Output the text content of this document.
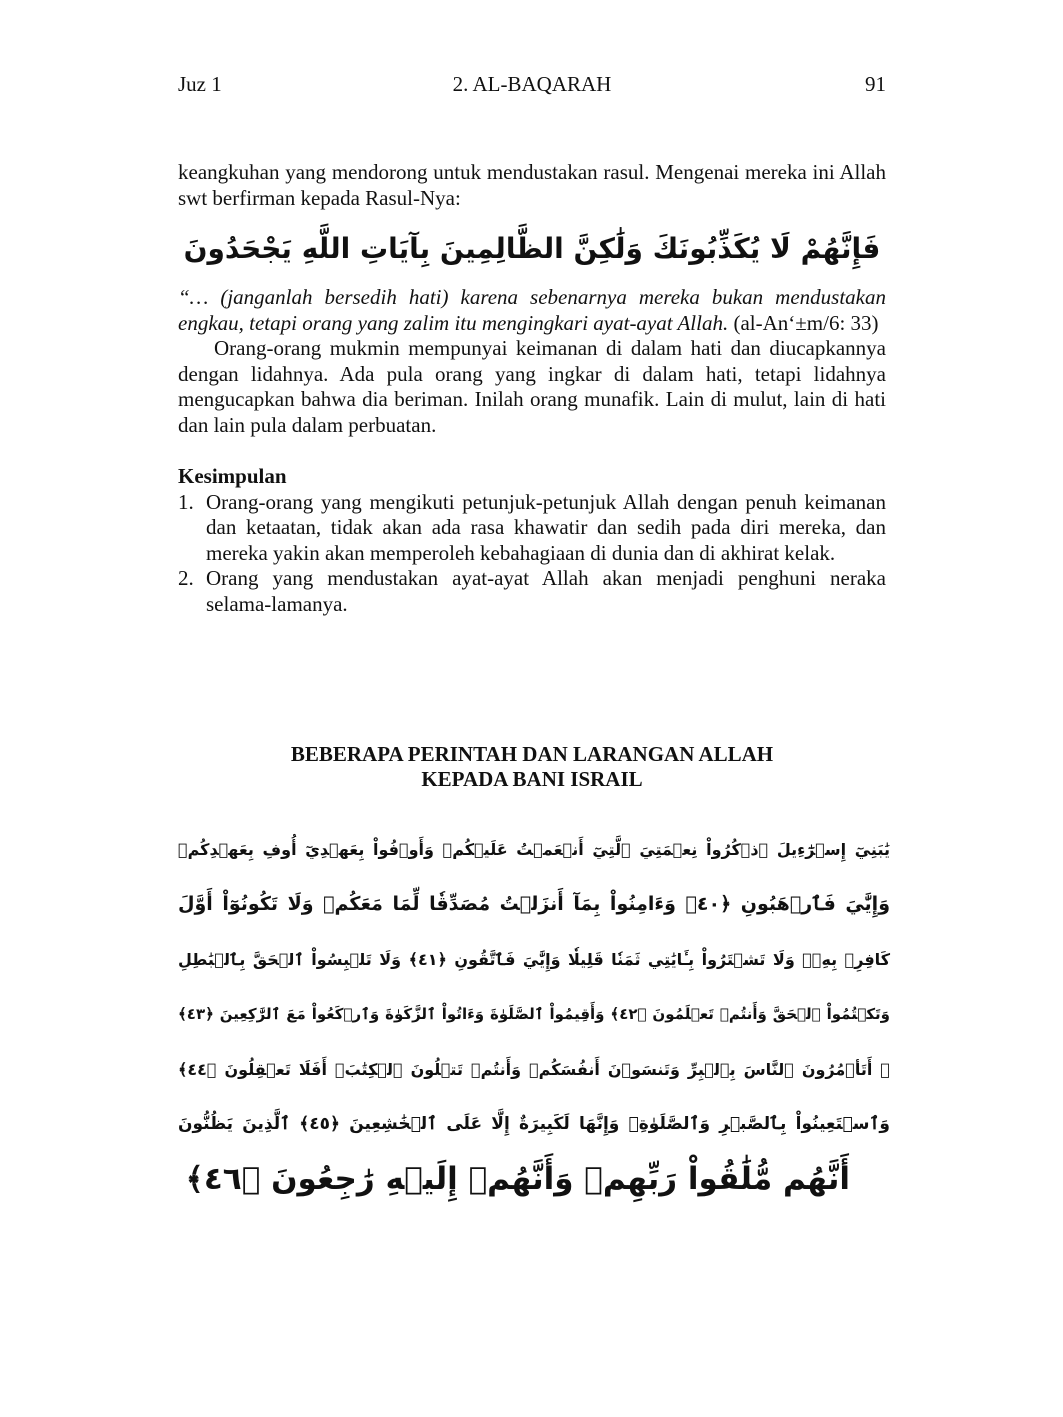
Juz 1	2. AL-BAQARAH	91

keangkuhan yang mendorong untuk mendustakan rasul. Mengenai mereka ini Allah swt berfirman kepada Rasul-Nya:

فَإِنَّهُمْ لَا يُكَذِّبُونَكَ وَلَٰكِنَّ الظَّالِمِينَ بِآيَاتِ اللَّهِ يَجْحَدُونَ

“… (janganlah bersedih hati) karena sebenarnya mereka bukan mendustakan engkau, tetapi orang yang zalim itu mengingkari ayat-ayat Allah. (al-An‘±m/6: 33)

Orang-orang mukmin mempunyai keimanan di dalam hati dan diucapkannya dengan lidahnya. Ada pula orang yang ingkar di dalam hati, tetapi lidahnya mengucapkan bahwa dia beriman. Inilah orang munafik. Lain di mulut, lain di hati dan lain pula dalam perbuatan.

Kesimpulan

1. Orang-orang yang mengikuti petunjuk-petunjuk Allah dengan penuh keimanan dan ketaatan, tidak akan ada rasa khawatir dan sedih pada diri mereka, dan mereka yakin akan memperoleh kebahagiaan di dunia dan di akhirat kelak.
2. Orang yang mendustakan ayat-ayat Allah akan menjadi penghuni neraka selama-lamanya.
BEBERAPA PERINTAH DAN LARANGAN ALLAH
KEPADA BANI ISRAIL
يَٰبَنِيٓ إِسۡرَٰٓءِيلَ ٱذۡكُرُواْ نِعۡمَتِيَ ٱلَّتِيٓ أَنۡعَمۡتُ عَلَيۡكُمۡ وَأَوۡفُواْ بِعَهۡدِيٓ أُوفِ بِعَهۡدِكُمۡ
وَإِيَّٰيَ فَٱرۡهَبُونِ ﴿٤٠﴾ وَءَامِنُواْ بِمَآ أَنزَلۡتُ مُصَدِّقٗا لِّمَا مَعَكُمۡ وَلَا تَكُونُوٓاْ أَوَّلَ
كَافِرِۭ بِهِۦۖ وَلَا تَشۡتَرُواْ بِـَٔايَٰتِي ثَمَنٗا قَلِيلٗا وَإِيَّٰيَ فَٱتَّقُونِ ﴿٤١﴾ وَلَا تَلۡبِسُواْ ٱلۡحَقَّ بِٱلۡبَٰطِلِ
وَتَكۡتُمُواْ ٱلۡحَقَّ وَأَنتُمۡ تَعۡلَمُونَ ﴿٤٢﴾ وَأَقِيمُواْ ٱلصَّلَوٰةَ وَءَاتُواْ ٱلزَّكَوٰةَ وَٱرۡكَعُواْ مَعَ ٱلرَّٰكِعِينَ ﴿٤٣﴾
۞ أَتَأۡمُرُونَ ٱلنَّاسَ بِٱلۡبِرِّ وَتَنسَوۡنَ أَنفُسَكُمۡ وَأَنتُمۡ تَتۡلُونَ ٱلۡكِتَٰبَۚ أَفَلَا تَعۡقِلُونَ ﴿٤٤﴾
وَٱسۡتَعِينُواْ بِٱلصَّبۡرِ وَٱلصَّلَوٰةِۚ وَإِنَّهَا لَكَبِيرَةٌ إِلَّا عَلَى ٱلۡخَٰشِعِينَ ﴿٤٥﴾ ٱلَّذِينَ يَظُنُّونَ
أَنَّهُم مُّلَٰقُواْ رَبِّهِمۡ وَأَنَّهُمۡ إِلَيۡهِ رَٰجِعُونَ ﴿٤٦﴾
